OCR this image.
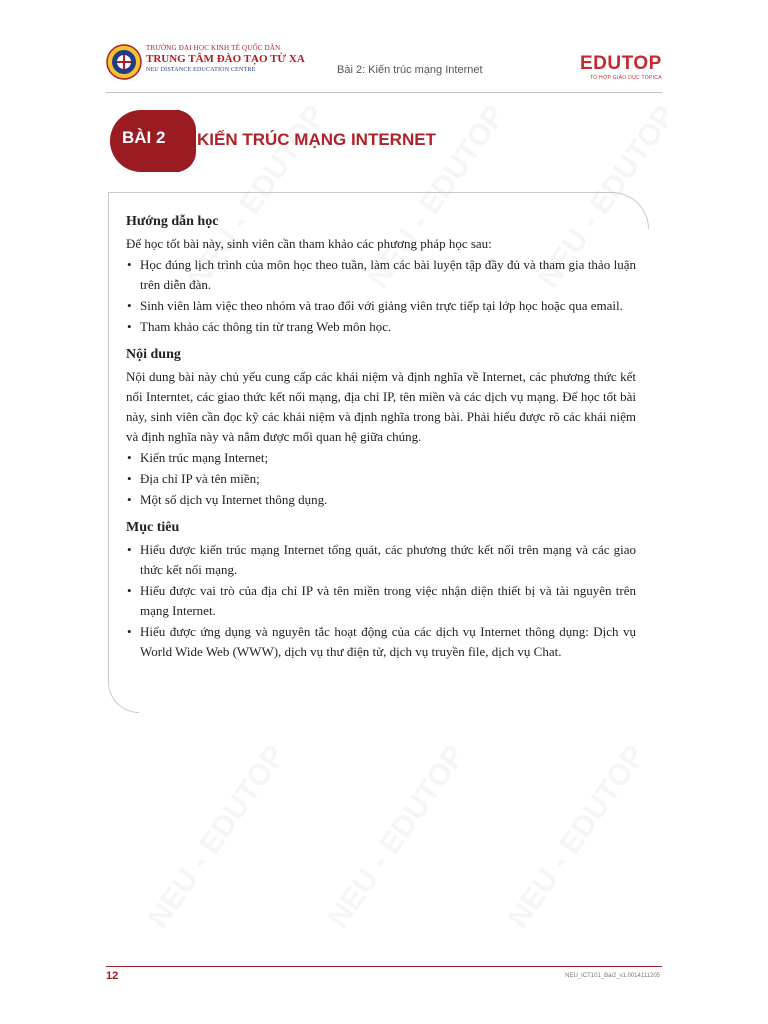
TRƯỜNG ĐẠI HỌC KINH TẾ QUỐC DÂN
TRUNG TÂM ĐÀO TẠO TỪ XA
NEU DISTANCE EDUCATION CENTRE	Bài 2: Kiến trúc mạng Internet	EDUTOP
TỔ HỢP GIÁO DỤC TOPICA
BÀI 2 KIẾN TRÚC MẠNG INTERNET
Hướng dẫn học

Để học tốt bài này, sinh viên cần tham khảo các phương pháp học sau:

• Học đúng lịch trình của môn học theo tuần, làm các bài luyện tập đầy đủ và tham gia thảo luận trên diễn đàn.
• Sinh viên làm việc theo nhóm và trao đổi với giảng viên trực tiếp tại lớp học hoặc qua email.
• Tham khảo các thông tin từ trang Web môn học.
Nội dung

Nội dung bài này chủ yếu cung cấp các khái niệm và định nghĩa về Internet, các phương thức kết nối Interntet, các giao thức kết nối mạng, địa chỉ IP, tên miền và các dịch vụ mạng. Để học tốt bài này, sinh viên cần đọc kỹ các khái niệm và định nghĩa trong bài. Phải hiểu được rõ các khái niệm và định nghĩa này và nắm được mối quan hệ giữa chúng.

• Kiến trúc mạng Internet;
• Địa chỉ IP và tên miền;
• Một số dịch vụ Internet thông dụng.
Mục tiêu
• Hiểu được kiến trúc mạng Internet tổng quát, các phương thức kết nối trên mạng và các giao thức kết nối mạng.
• Hiểu được vai trò của địa chỉ IP và tên miền trong việc nhận diện thiết bị và tài nguyên trên mạng Internet.
• Hiểu được ứng dụng và nguyên tắc hoạt động của các dịch vụ Internet thông dụng: Dịch vụ World Wide Web (WWW), dịch vụ thư điện tử, dịch vụ truyền file, dịch vụ Chat.
12	NEU_ICT101_Bai2_v1.0014111205
